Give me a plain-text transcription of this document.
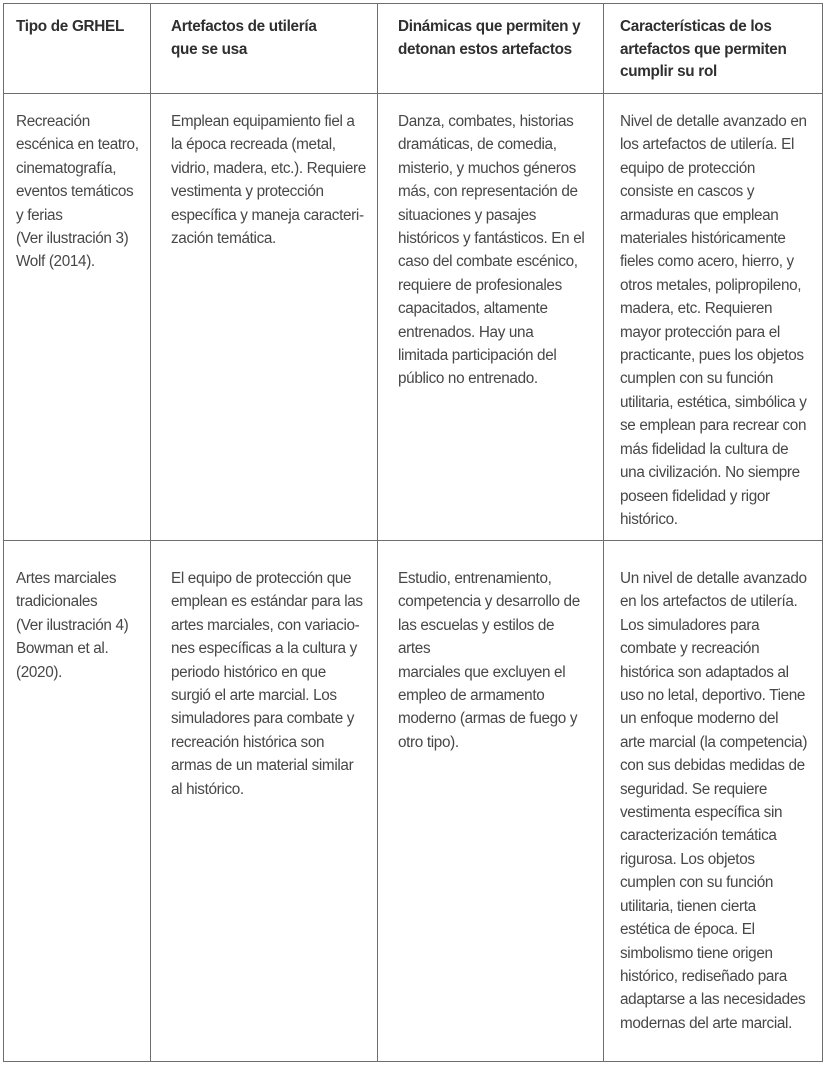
Tipo de GRHEL	Artefactos de utilería
que se usa
Dinámicas que permiten y
detonan estos artefactos
Características de los
artefactos que permiten
cumplir su rol
Recreación
escénica en teatro,
cinematografía,
eventos temáticos
y ferias
(Ver ilustración 3)
Wolf (2014).
Emplean equipamiento fiel a
la época recreada (metal,
vidrio, madera, etc.). Requiere
vestimenta y protección
específica y maneja caracteri-
zación temática.
Danza, combates, historias
dramáticas, de comedia,
misterio, y muchos géneros
más, con representación de
situaciones y pasajes
históricos y fantásticos. En el
caso del combate escénico,
requiere de profesionales
capacitados, altamente
entrenados. Hay una
limitada participación del
público no entrenado.
Nivel de detalle avanzado en
los artefactos de utilería. El
equipo de protección
consiste en cascos y
armaduras que emplean
materiales históricamente
fieles como acero, hierro, y
otros metales, polipropileno,
madera, etc. Requieren
mayor protección para el
practicante, pues los objetos
cumplen con su función
utilitaria, estética, simbólica y
se emplean para recrear con
más fidelidad la cultura de
una civilización. No siempre
poseen fidelidad y rigor
histórico.
Artes marciales
tradicionales
(Ver ilustración 4)
Bowman et al.
(2020).
El equipo de protección que
emplean es estándar para las
artes marciales, con variacio-
nes específicas a la cultura y
periodo histórico en que
surgió el arte marcial. Los
simuladores para combate y
recreación histórica son
armas de un material similar
al histórico.
Estudio, entrenamiento,
competencia y desarrollo de
las escuelas y estilos de artes
marciales que excluyen el
empleo de armamento
moderno (armas de fuego y
otro tipo).
Un nivel de detalle avanzado
en los artefactos de utilería.
Los simuladores para
combate y recreación
histórica son adaptados al
uso no letal, deportivo. Tiene
un enfoque moderno del
arte marcial (la competencia)
con sus debidas medidas de
seguridad. Se requiere
vestimenta específica sin
caracterización temática
rigurosa. Los objetos
cumplen con su función
utilitaria, tienen cierta
estética de época. El
simbolismo tiene origen
histórico, rediseñado para
adaptarse a las necesidades
modernas del arte marcial.
